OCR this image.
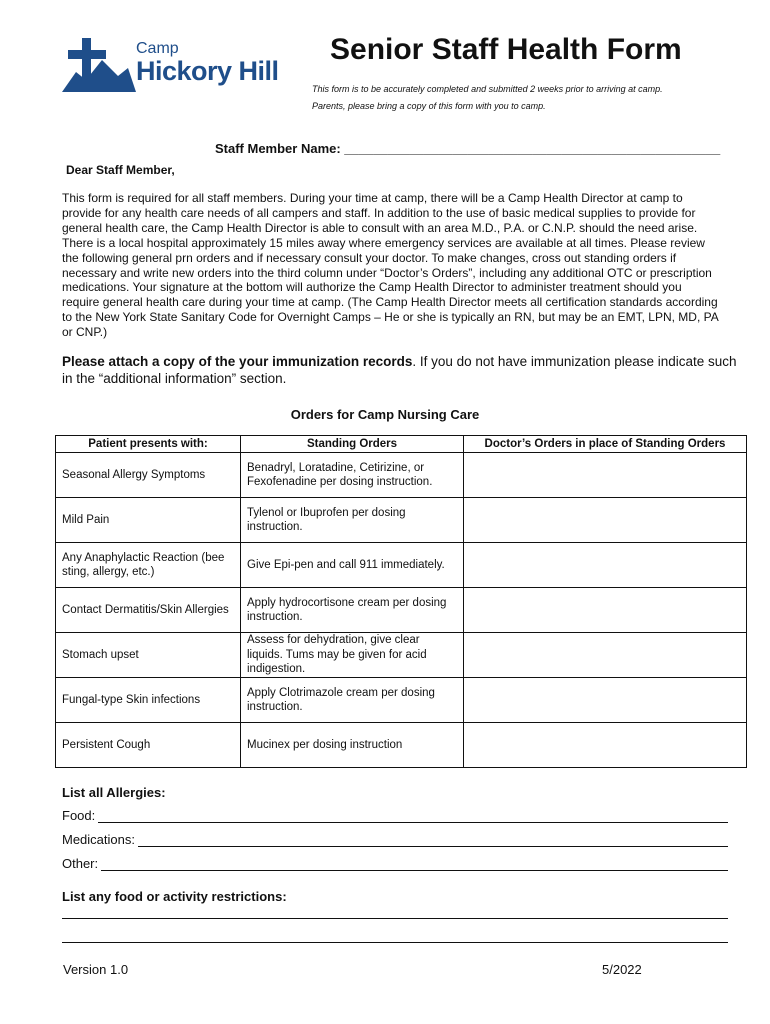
Camp
Hickory Hill
Senior Staff Health Form
This form is to be accurately completed and submitted 2 weeks prior to arriving at camp.
Parents, please bring a copy of this form with you to camp.
Staff Member Name: ____________________________________________________
Dear Staff Member,

This form is required for all staff members. During your time at camp, there will be a Camp Health Director at camp to provide for any health care needs of all campers and staff. In addition to the use of basic medical supplies to provide for general health care, the Camp Health Director is able to consult with an area M.D., P.A. or C.N.P. should the need arise. There is a local hospital approximately 15 miles away where emergency services are available at all times. Please review the following general prn orders and if necessary consult your doctor. To make changes, cross out standing orders if necessary and write new orders into the third column under “Doctor’s Orders”, including any additional OTC or prescription medications. Your signature at the bottom will authorize the Camp Health Director to administer treatment should you require general health care during your time at camp. (The Camp Health Director meets all certification standards according to the New York State Sanitary Code for Overnight Camps – He or she is typically an RN, but may be an EMT, LPN, MD, PA or CNP.)

Please attach a copy of the your immunization records. If you do not have immunization please indicate such in the “additional information” section.

Orders for Camp Nursing Care
Patient presents with:	Standing Orders	Doctor’s Orders in place of Standing Orders
Seasonal Allergy Symptoms	Benadryl, Loratadine, Cetirizine, or Fexofenadine per dosing instruction.	
Mild Pain	Tylenol or Ibuprofen per dosing instruction.	
Any Anaphylactic Reaction (bee sting, allergy, etc.)	Give Epi-pen and call 911 immediately.	
Contact Dermatitis/Skin Allergies	Apply hydrocortisone cream per dosing instruction.	
Stomach upset	Assess for dehydration, give clear liquids. Tums may be given for acid indigestion.	
Fungal-type Skin infections	Apply Clotrimazole cream per dosing instruction.	
Persistent Cough	Mucinex per dosing instruction	
List all Allergies:
Food:
Medications:
Other:
List any food or activity restrictions:
Version 1.0	5/2022
